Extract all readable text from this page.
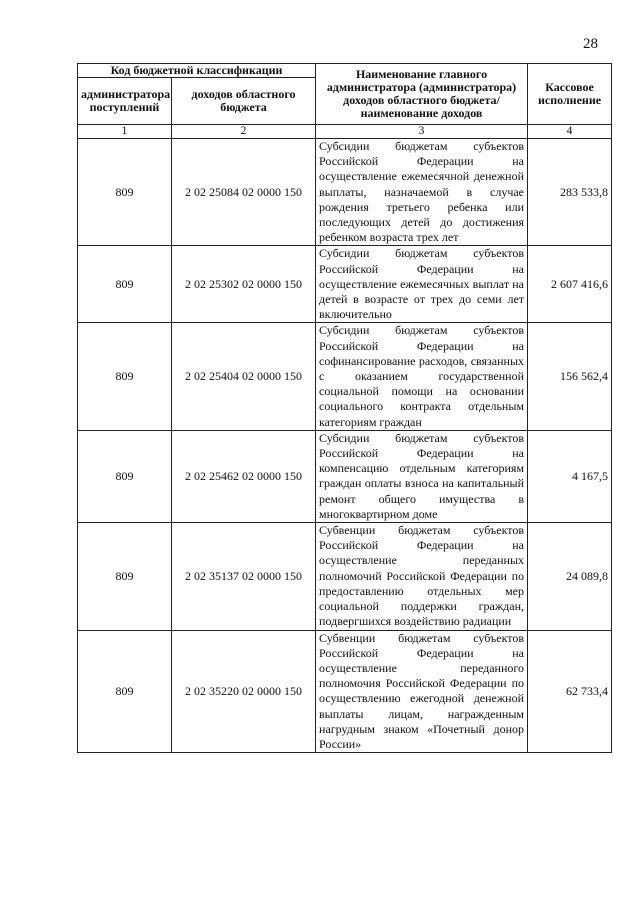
28
Код бюджетной классификации		Наименование главного администратора (администратора) доходов областного бюджета/ наименование доходов	Кассовое исполнение
администратора поступлений	доходов областного бюджета		
1	2	3	4
809	2 02 25084 02 0000 150	Субсидии бюджетам субъектов Российской Федерации на осуществление ежемесячной денежной выплаты, назначаемой в случае рождения третьего ребенка или последующих детей до достижения ребенком возраста трех лет	283 533,8
809	2 02 25302 02 0000 150	Субсидии бюджетам субъектов Российской Федерации на осуществление ежемесячных выплат на детей в возрасте от трех до семи лет включительно	2 607 416,6
809	2 02 25404 02 0000 150	Субсидии бюджетам субъектов Российской Федерации на софинансирование расходов, связанных с оказанием государственной социальной помощи на основании социального контракта отдельным категориям граждан	156 562,4
809	2 02 25462 02 0000 150	Субсидии бюджетам субъектов Российской Федерации на компенсацию отдельным категориям граждан оплаты взноса на капитальный ремонт общего имущества в многоквартирном доме	4 167,5
809	2 02 35137 02 0000 150	Субвенции бюджетам субъектов Российской Федерации на осуществление переданных полномочий Российской Федерации по предоставлению отдельных мер социальной поддержки граждан, подвергшихся воздействию радиации	24 089,8
809	2 02 35220 02 0000 150	Субвенции бюджетам субъектов Российской Федерации на осуществление переданного полномочия Российской Федерации по осуществлению ежегодной денежной выплаты лицам, награжденным нагрудным знаком «Почетный донор России»	62 733,4
